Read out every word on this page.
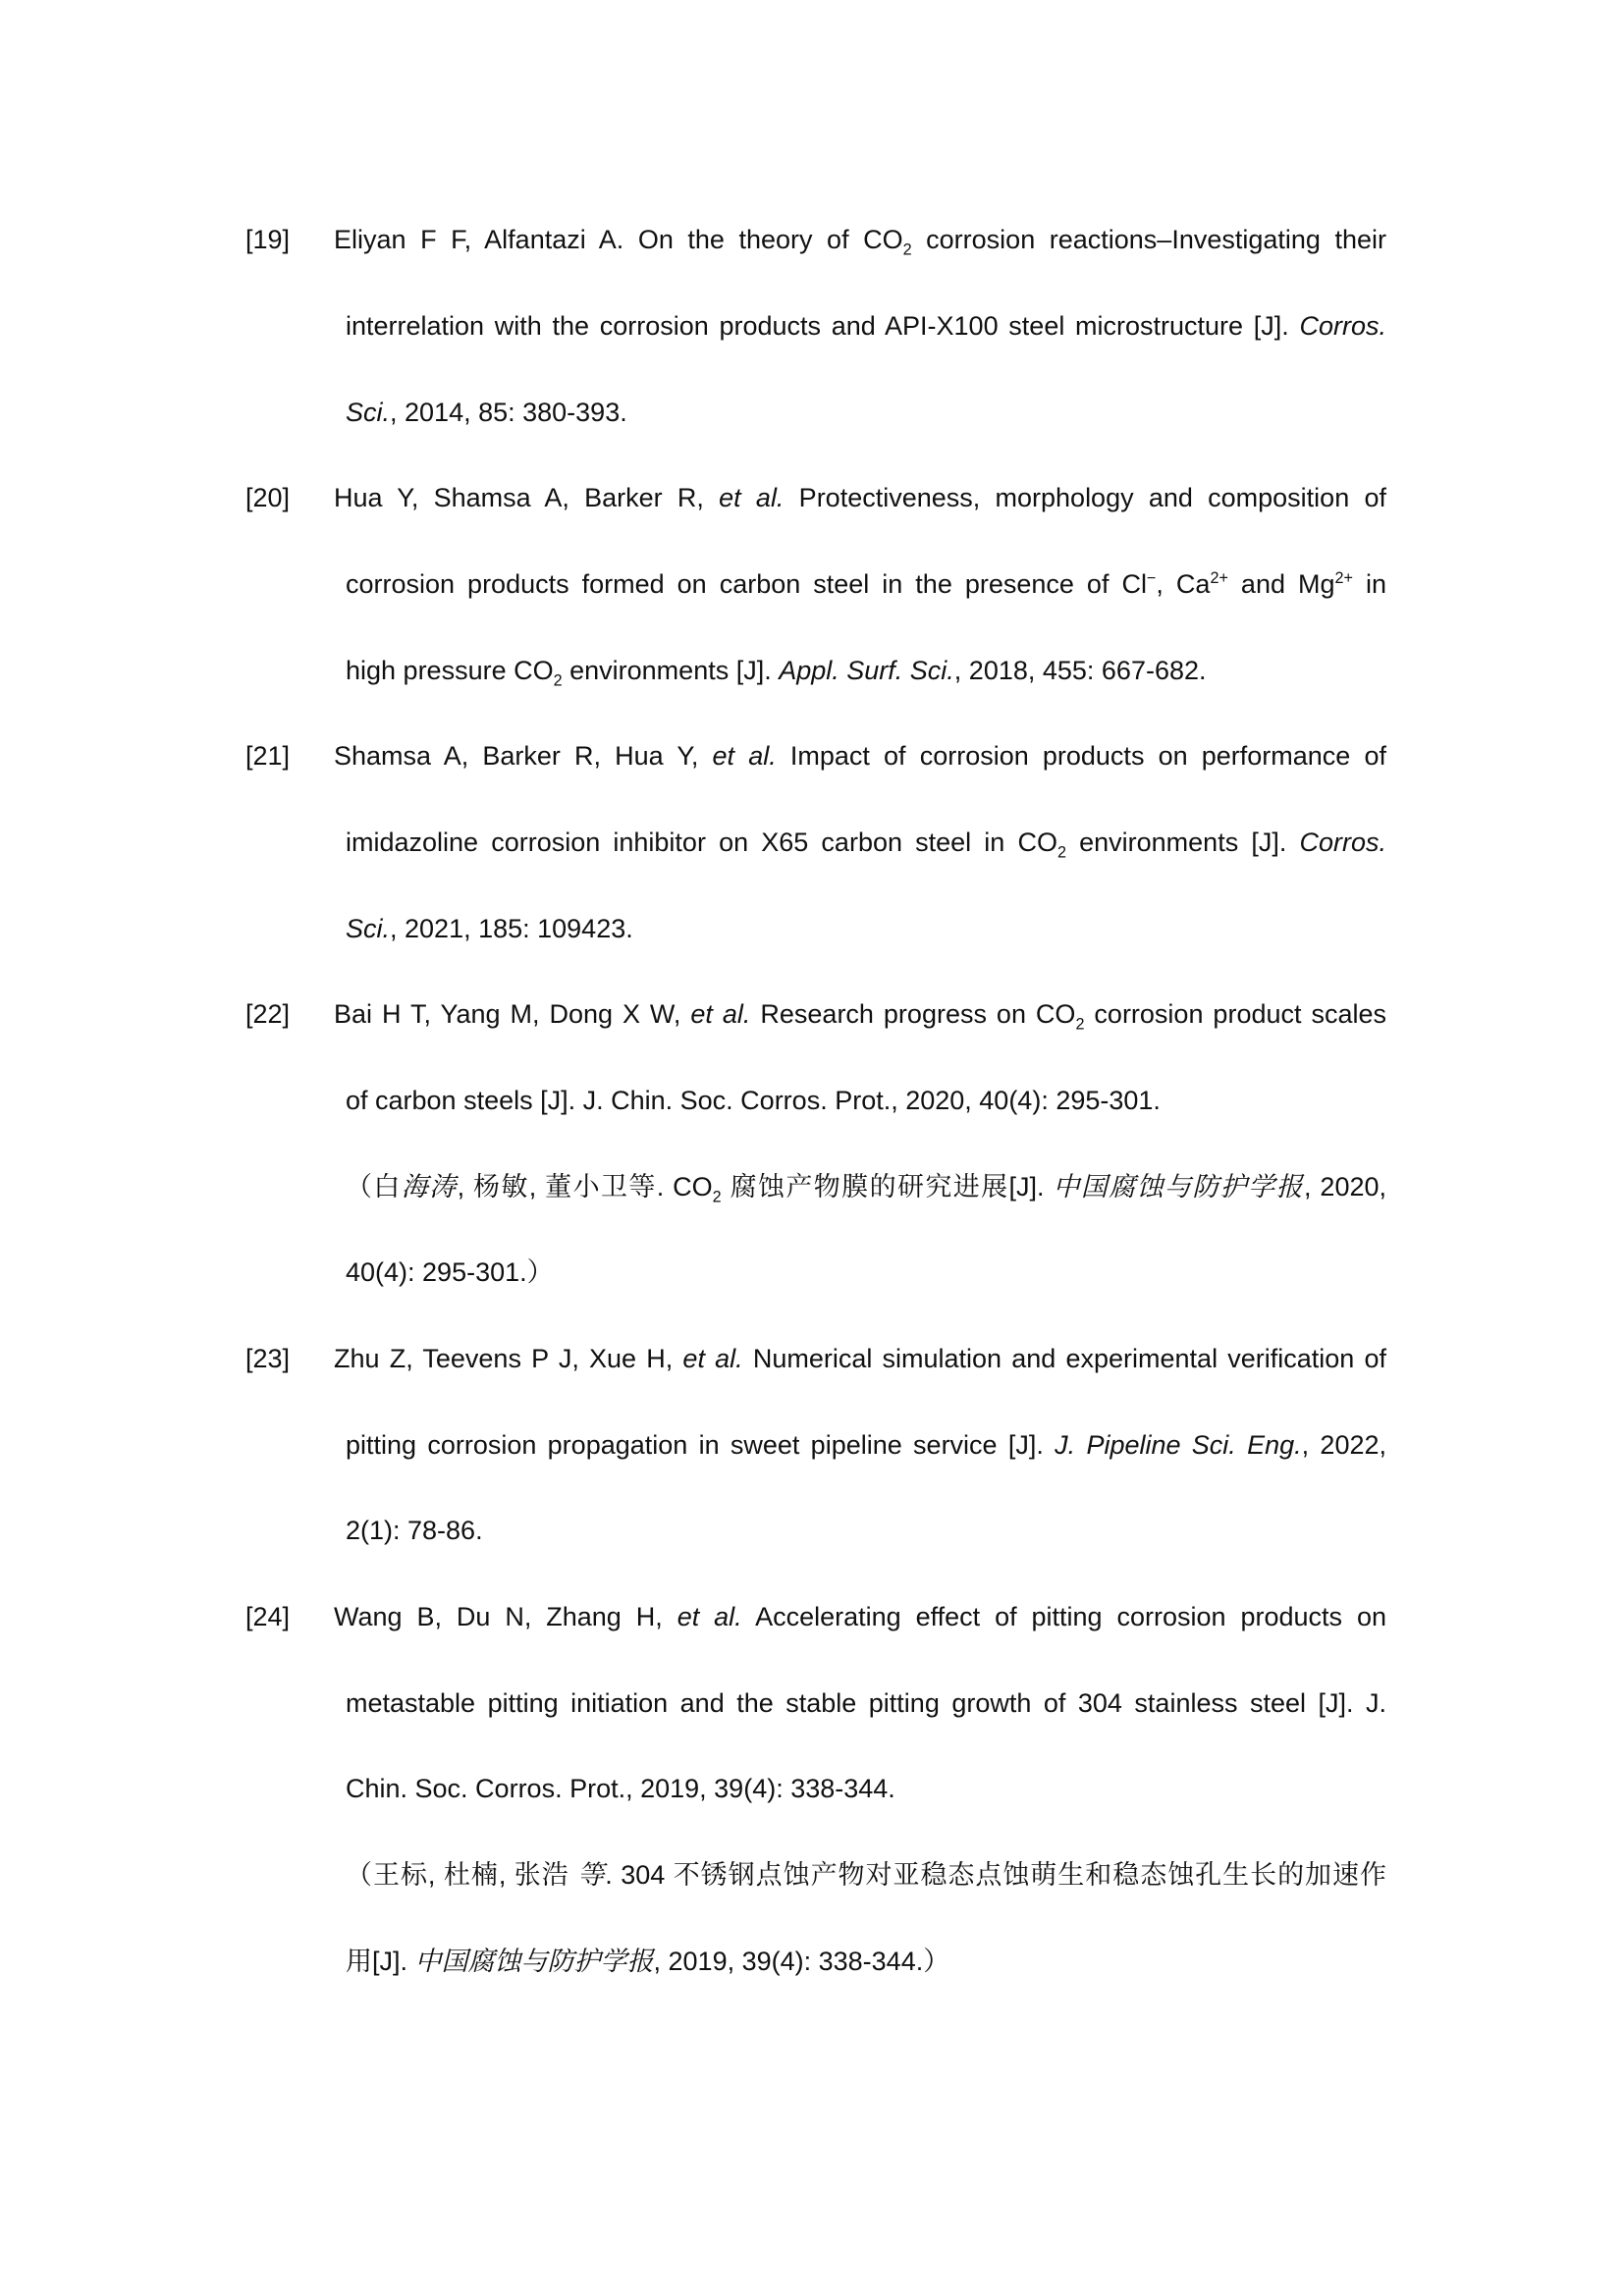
[19] Eliyan F F, Alfantazi A. On the theory of $CO_2$ corrosion reactions–Investigating their
interrelation with the corrosion products and API-X100 steel microstructure [J]. Corros.
Sci., 2014, 85: 380-393.
[20] Hua Y, Shamsa A, Barker R, et al. Protectiveness, morphology and composition of
corrosion products formed on carbon steel in the presence of Cl−, $Ca^{2+}$ and $Mg^{2+}$ in
high pressure $CO_2$ environments [J]. Appl. Surf. Sci., 2018, 455: 667-682.
[21] Shamsa A, Barker R, Hua Y, et al. Impact of corrosion products on performance of
imidazoline corrosion inhibitor on X65 carbon steel in $CO_2$ environments [J]. Corros.
Sci., 2021, 185: 109423.
[22] Bai H T, Yang M, Dong X W, et al. Research progress on $CO_2$ corrosion product scales
of carbon steels [J]. J. Chin. Soc. Corros. Prot., 2020, 40(4): 295-301.
（白海涛, 杨敏, 董小卫等. $CO_2$ 腐蚀产物膜的研究进展[J]. 中国腐蚀与防护学报, 2020,
40(4): 295-301.）
[23] Zhu Z, Teevens P J, Xue H, et al. Numerical simulation and experimental verification of
pitting corrosion propagation in sweet pipeline service [J]. J. Pipeline Sci. Eng., 2022,
2(1): 78-86.
[24] Wang B, Du N, Zhang H, et al. Accelerating effect of pitting corrosion products on
metastable pitting initiation and the stable pitting growth of 304 stainless steel [J]. J.
Chin. Soc. Corros. Prot., 2019, 39(4): 338-344.
（王标, 杜楠, 张浩 等. 304 不锈钢点蚀产物对亚稳态点蚀萌生和稳态蚀孔生长的加速作
用[J]. 中国腐蚀与防护学报, 2019, 39(4): 338-344.）
